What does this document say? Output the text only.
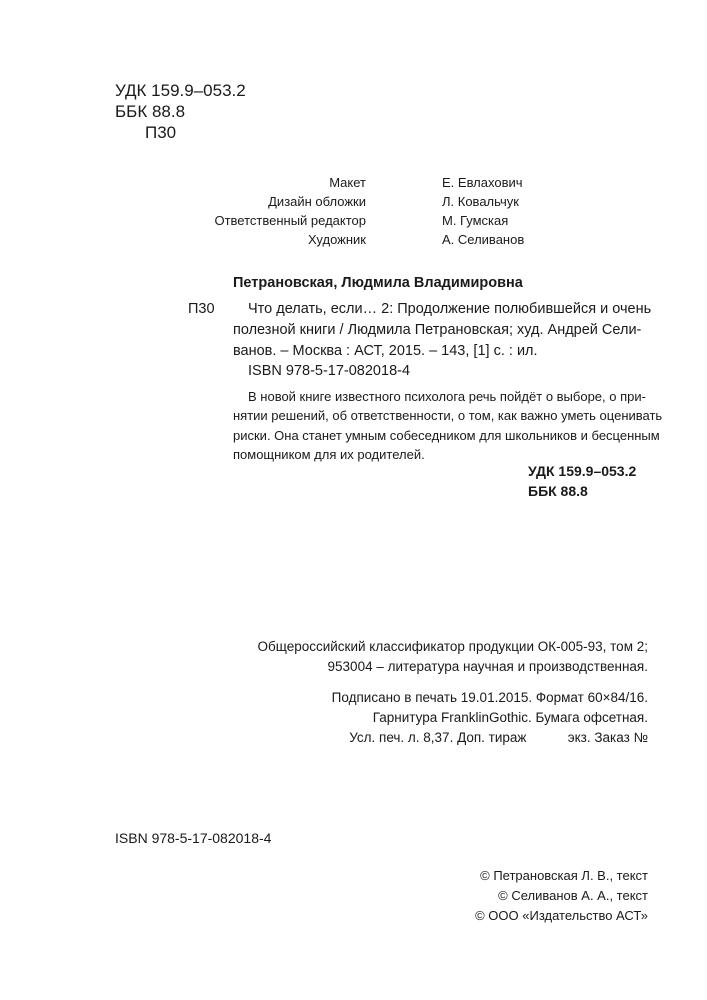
УДК 159.9–053.2
ББК 88.8
П30
Макет	Е. Евлахович
Дизайн обложки	Л. Ковальчук
Ответственный редактор	М. Гумская
Художник	А. Селиванов
Петрановская, Людмила Владимировна
П30 Что делать, если… 2: Продолжение полюбившейся и очень
полезной книги / Людмила Петрановская; худ. Андрей Сели-
ванов. – Москва : АСТ, 2015. – 143, [1] с. : ил.
ISBN 978-5-17-082018-4
В новой книге известного психолога речь пойдёт о выборе, о при-
нятии решений, об ответственности, о том, как важно уметь оценивать
риски. Она станет умным собеседником для школьников и бесценным
помощником для их родителей.
УДК 159.9–053.2
ББК 88.8
Общероссийский классификатор продукции ОК-005-93, том 2;
953004 – литература научная и производственная.
Подписано в печать 19.01.2015. Формат 60×84/16.
Гарнитура FranklinGothic. Бумага офсетная.
Усл. печ. л. 8,37. Доп. тираж           экз. Заказ №
ISBN 978-5-17-082018-4
© Петрановская Л. В., текст
© Селиванов А. А., текст
© ООО «Издательство АСТ»
